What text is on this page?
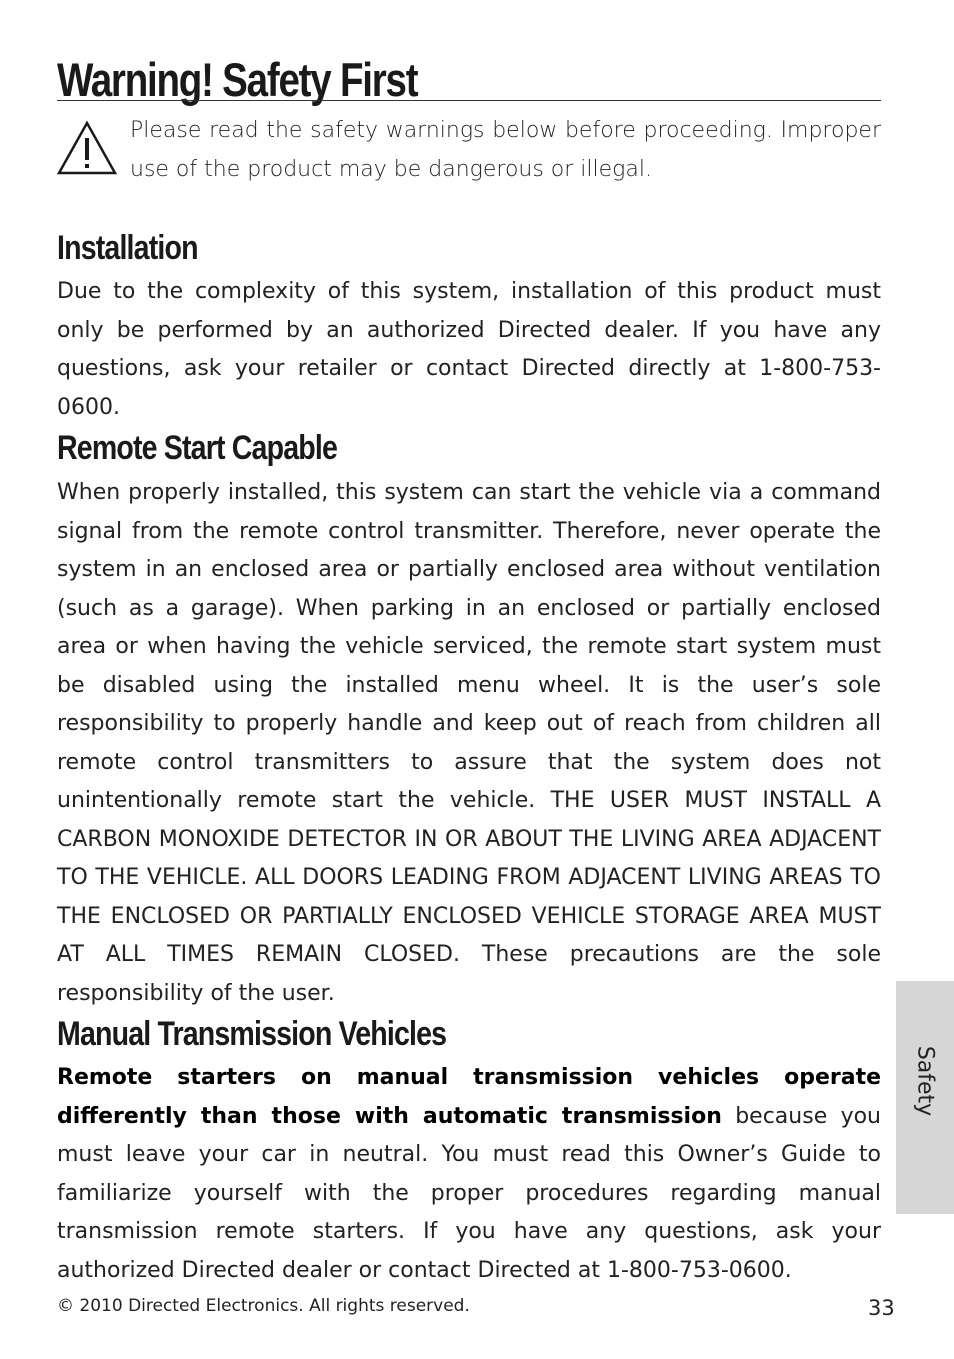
Warning! Safety First

Please read the safety warnings below before proceeding. Improper use of the product may be dangerous or illegal.

Installation

Due to the complexity of this system, installation of this product must only be performed by an authorized Directed dealer. If you have any questions, ask your retailer or contact Directed directly at 1-800-753-0600.

Remote Start Capable

When properly installed, this system can start the vehicle via a command signal from the remote control transmitter. Therefore, never operate the system in an enclosed area or partially enclosed area without ventilation (such as a garage). When parking in an enclosed or partially enclosed area or when having the vehicle serviced, the remote start system must be disabled using the installed menu wheel. It is the user’s sole responsibility to properly handle and keep out of reach from children all remote control transmitters to assure that the system does not unintentionally remote start the vehicle. THE USER MUST INSTALL A CARBON MONOXIDE DETECTOR IN OR ABOUT THE LIVING AREA ADJACENT TO THE VEHICLE. ALL DOORS LEADING FROM ADJACENT LIVING AREAS TO THE ENCLOSED OR PARTIALLY ENCLOSED VEHICLE STORAGE AREA MUST AT ALL TIMES REMAIN CLOSED. These precautions are the sole responsibility of the user.

Manual Transmission Vehicles

Remote starters on manual transmission vehicles operate differently than those with automatic transmission because you must leave your car in neutral. You must read this Owner’s Guide to familiarize yourself with the proper procedures regarding manual transmission remote starters. If you have any questions, ask your authorized Directed dealer or contact Directed at 1-800-753-0600.

Safety

© 2010 Directed Electronics. All rights reserved.	33
